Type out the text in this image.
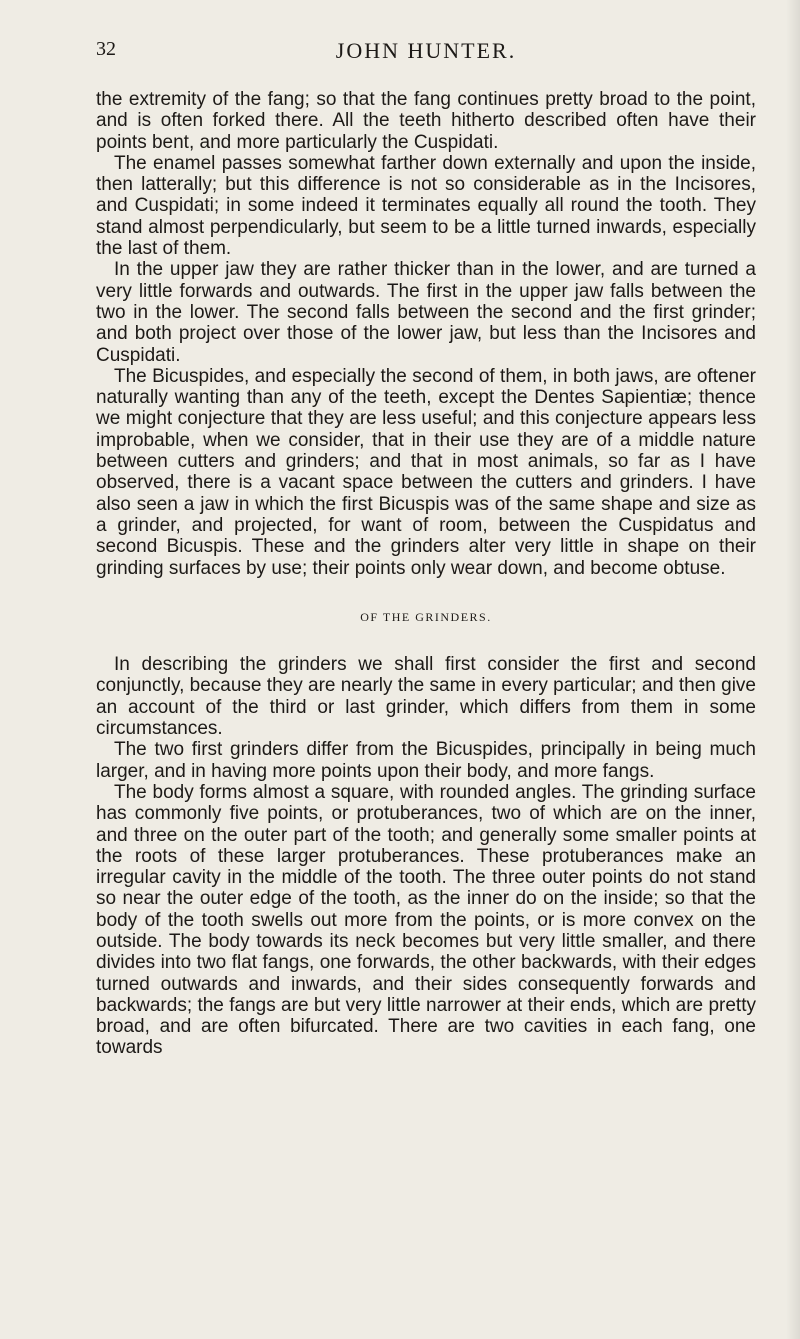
32	JOHN HUNTER.

the extremity of the fang; so that the fang continues pretty broad to the point, and is often forked there. All the teeth hitherto described often have their points bent, and more particularly the Cuspidati.

The enamel passes somewhat farther down externally and upon the inside, then latterally; but this difference is not so considerable as in the Incisores, and Cuspidati; in some indeed it terminates equally all round the tooth. They stand almost perpendicularly, but seem to be a little turned inwards, especially the last of them.

In the upper jaw they are rather thicker than in the lower, and are turned a very little forwards and outwards. The first in the upper jaw falls between the two in the lower. The second falls between the second and the first grinder; and both project over those of the lower jaw, but less than the Incisores and Cuspidati.

The Bicuspides, and especially the second of them, in both jaws, are oftener naturally wanting than any of the teeth, except the Dentes Sapientiæ; thence we might conjecture that they are less useful; and this conjecture appears less improbable, when we consider, that in their use they are of a middle nature between cutters and grinders; and that in most animals, so far as I have observed, there is a vacant space between the cutters and grinders. I have also seen a jaw in which the first Bicuspis was of the same shape and size as a grinder, and projected, for want of room, between the Cuspidatus and second Bicuspis. These and the grinders alter very little in shape on their grinding surfaces by use; their points only wear down, and become obtuse.

OF THE GRINDERS.

In describing the grinders we shall first consider the first and second conjunctly, because they are nearly the same in every particular; and then give an account of the third or last grinder, which differs from them in some circumstances.

The two first grinders differ from the Bicuspides, principally in being much larger, and in having more points upon their body, and more fangs.

The body forms almost a square, with rounded angles. The grinding surface has commonly five points, or protuberances, two of which are on the inner, and three on the outer part of the tooth; and generally some smaller points at the roots of these larger protuberances. These protuberances make an irregular cavity in the middle of the tooth. The three outer points do not stand so near the outer edge of the tooth, as the inner do on the inside; so that the body of the tooth swells out more from the points, or is more convex on the outside. The body towards its neck becomes but very little smaller, and there divides into two flat fangs, one forwards, the other backwards, with their edges turned outwards and inwards, and their sides consequently forwards and backwards; the fangs are but very little narrower at their ends, which are pretty broad, and are often bifurcated. There are two cavities in each fang, one towards
